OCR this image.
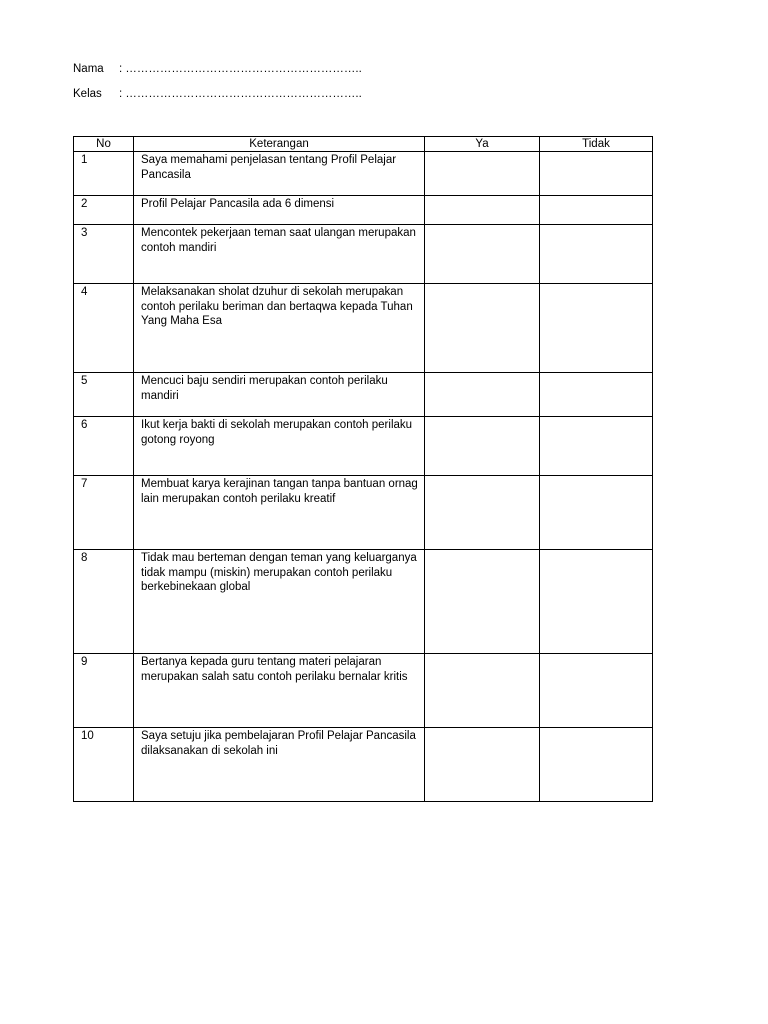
Nama : ……………………………………………………..
Kelas : ……………………………………………………..
No	Keterangan	Ya	Tidak
1	Saya memahami penjelasan tentang Profil Pelajar Pancasila		
2	Profil Pelajar Pancasila ada 6 dimensi		
3	Mencontek pekerjaan teman saat ulangan merupakan contoh mandiri		
4	Melaksanakan sholat dzuhur di sekolah merupakan contoh perilaku beriman dan bertaqwa kepada Tuhan Yang Maha Esa		
5	Mencuci baju sendiri merupakan contoh perilaku mandiri		
6	Ikut kerja bakti di sekolah merupakan contoh perilaku gotong royong		
7	Membuat karya kerajinan tangan tanpa bantuan ornag lain merupakan contoh perilaku kreatif		
8	Tidak mau berteman dengan teman yang keluarganya tidak mampu (miskin) merupakan contoh perilaku berkebinekaan global		
9	Bertanya kepada guru tentang materi pelajaran merupakan salah satu contoh perilaku bernalar kritis		
10	Saya setuju jika pembelajaran Profil Pelajar Pancasila dilaksanakan di sekolah ini		
